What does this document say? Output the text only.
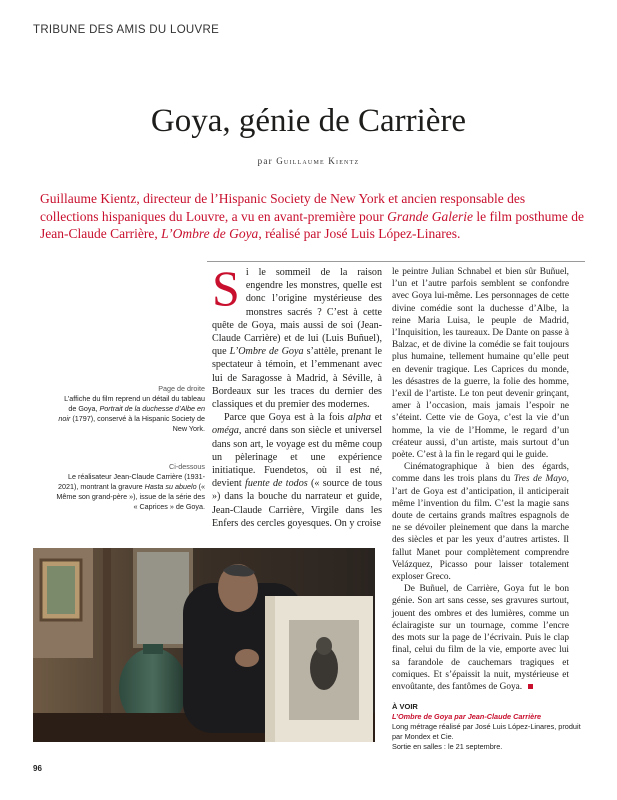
TRIBUNE DES AMIS DU LOUVRE
Goya, génie de Carrière
par Guillaume Kientz

Guillaume Kientz, directeur de l’Hispanic Society de New York et ancien responsable des collections hispaniques du Louvre, a vu en avant-première pour Grande Galerie le film posthume de Jean-Claude Carrière, L’Ombre de Goya, réalisé par José Luis López-Linares.

Page de droite
L’affiche du film reprend un détail du tableau de Goya, Portrait de la duchesse d’Albe en noir (1797), conservé à la Hispanic Society de New York.
Ci-dessous
Le réalisateur Jean-Claude Carrière (1931-2021), montrant la gravure Hasta su abuelo (« Même son grand-père »), issue de la série des « Caprices » de Goya.

Si le sommeil de la raison engendre les monstres, quelle est donc l’origine mystérieuse des monstres sacrés ? C’est à cette quête de Goya, mais aussi de soi (Jean-Claude Carrière) et de lui (Luis Buñuel), que L’Ombre de Goya s’attèle, prenant le spectateur à témoin, et l’emmenant avec lui de Saragosse à Madrid, à Séville, à Bordeaux sur les traces du dernier des classiques et du premier des modernes.

Parce que Goya est à la fois alpha et oméga, ancré dans son siècle et universel dans son art, le voyage est du même coup un pèlerinage et une expérience initiatique. Fuendetos, où il est né, devient fuente de todos (« source de tous ») dans la bouche du narrateur et guide, Jean-Claude Carrière, Virgile dans les Enfers des cercles goyesques. On y croise

le peintre Julian Schnabel et bien sûr Buñuel, l’un et l’autre parfois semblent se confondre avec Goya lui-même. Les personnages de cette divine comédie sont la duchesse d’Albe, la reine Maria Luisa, le peuple de Madrid, l’Inquisition, les taureaux. De Dante on passe à Balzac, et de divine la comédie se fait toujours plus humaine, tellement humaine qu’elle peut en devenir tragique. Les Caprices du monde, les désastres de la guerre, la folie des homme, l’exil de l’artiste. Le ton peut devenir grinçant, amer à l’occasion, mais jamais l’espoir ne s’éteint. Cette vie de Goya, c’est la vie d’un homme, la vie de l’Homme, le regard d’un créateur aussi, d’un artiste, mais surtout d’un poète. C’est à la fin le regard qui le guide.

Cinématographique à bien des égards, comme dans les trois plans du Tres de Mayo, l’art de Goya est d’anticipation, il anticiperait même l’invention du film. C’est la magie sans doute de certains grands maîtres espagnols de ne se dévoiler pleinement que dans la marche des siècles et par les yeux d’autres artistes. Il fallut Manet pour complètement comprendre Velázquez, Picasso pour laisser totalement exploser Greco.

De Buñuel, de Carrière, Goya fut le bon génie. Son art sans cesse, ses gravures surtout, jouent des ombres et des lumières, comme un éclairagiste sur un tournage, comme l’encre des mots sur la page de l’écrivain. Puis le clap final, celui du film de la vie, emporte avec lui sa farandole de cauchemars tragiques et comiques. Et s’épaissit la nuit, mystérieuse et envoûtante, des fantômes de Goya.

À VOIR
L’Ombre de Goya par Jean-Claude Carrière
Long métrage réalisé par José Luis López-Linares, produit par Mondex et Cie.
Sortie en salles : le 21 septembre.
96
